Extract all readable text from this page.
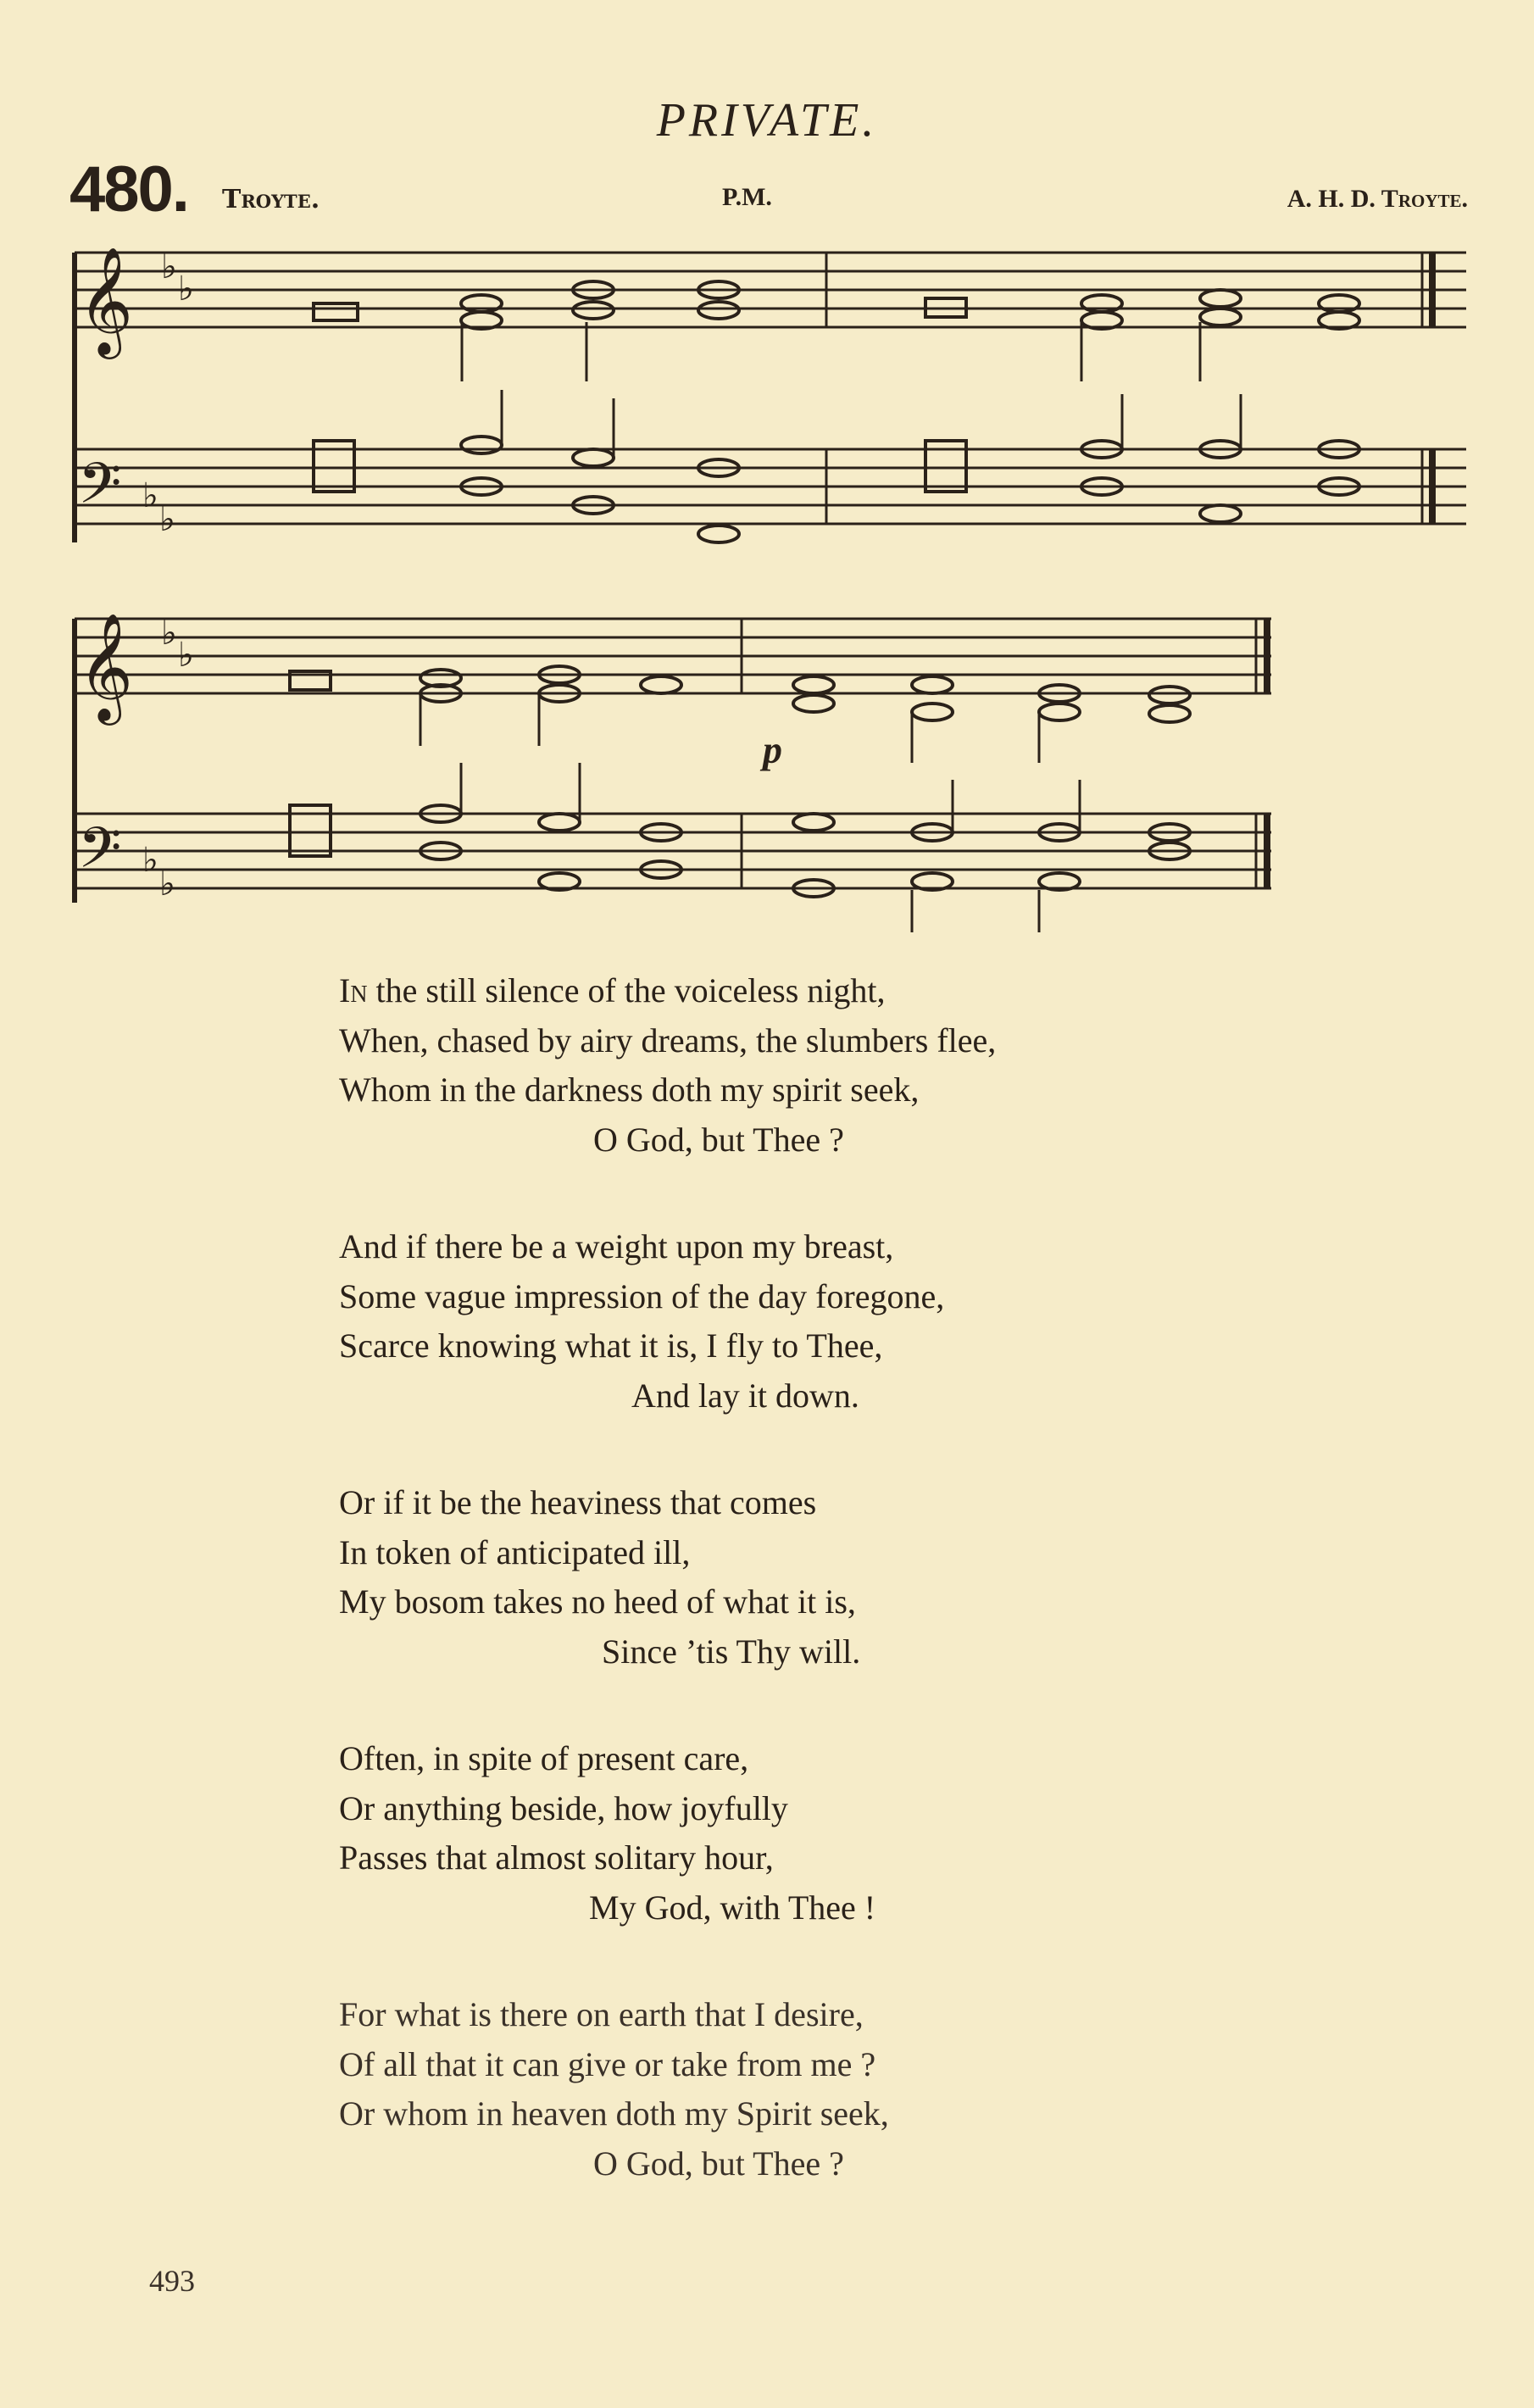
PRIVATE.
480. Troyte.	P.M.	A. H. D. Troyte.
𝄞
𝄢
♭
♭
♭
♭
𝄞
𝄢
♭
♭
♭
♭
p
In the still silence of the voiceless night,
When, chased by airy dreams, the slumbers flee,
Whom in the darkness doth my spirit seek,
O God, but Thee ?
And if there be a weight upon my breast,
Some vague impression of the day foregone,
Scarce knowing what it is, I fly to Thee,
And lay it down.
Or if it be the heaviness that comes
In token of anticipated ill,
My bosom takes no heed of what it is,
Since ’tis Thy will.
Often, in spite of present care,
Or anything beside, how joyfully
Passes that almost solitary hour,
My God, with Thee !
For what is there on earth that I desire,
Of all that it can give or take from me ?
Or whom in heaven doth my Spirit seek,
O God, but Thee ?
493
